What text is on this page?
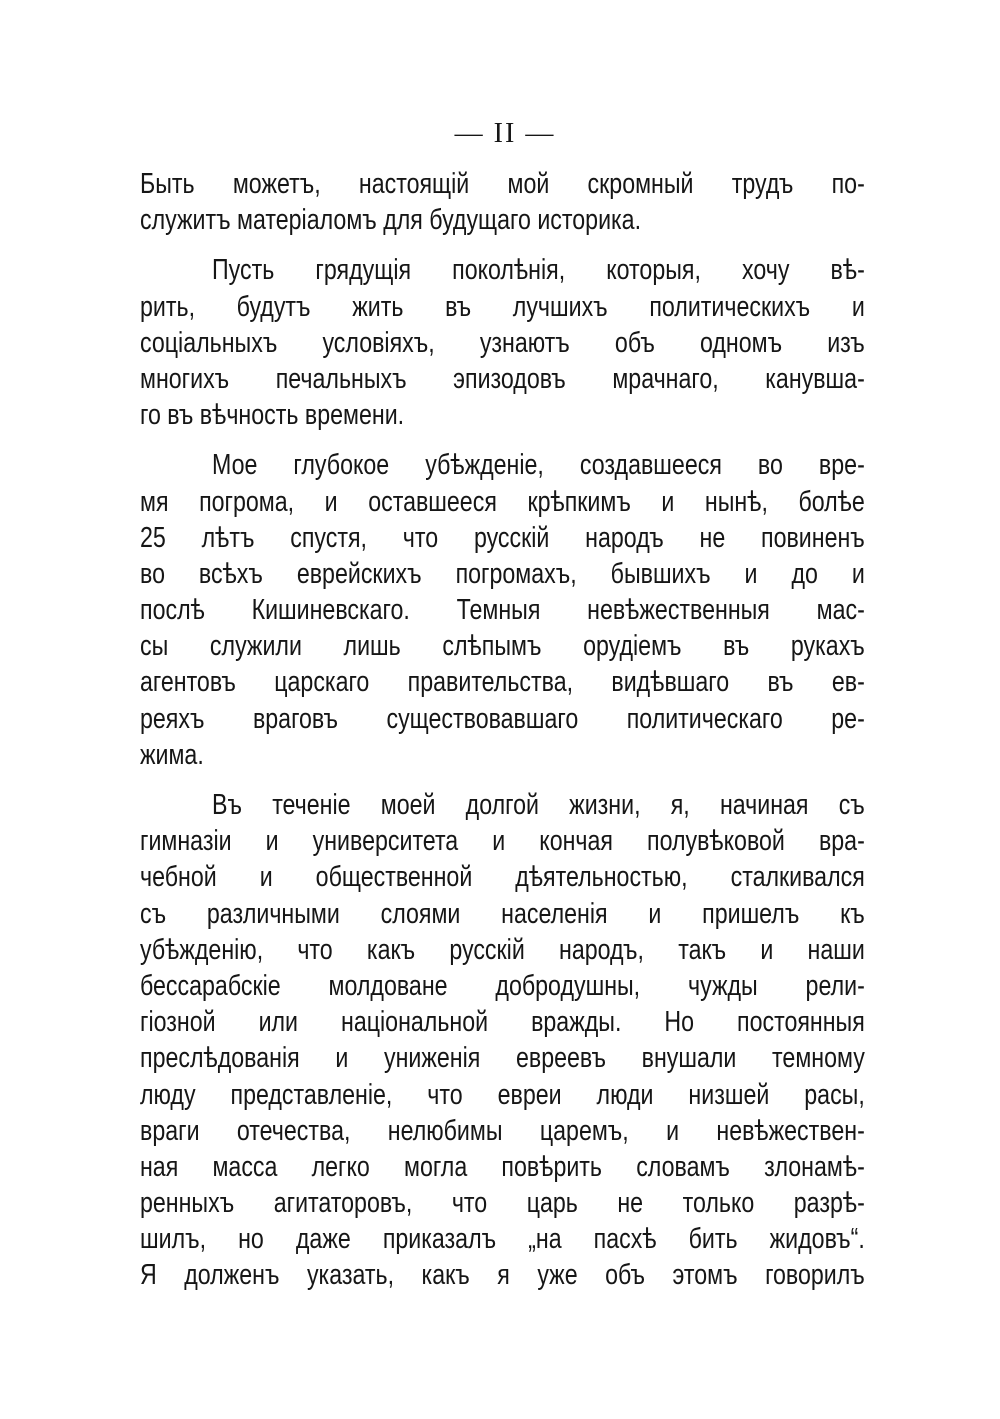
— II —
Быть можетъ, настоящій мой скромный трудъ по-
служитъ матеріаломъ для будущаго историка.
Пусть грядущія поколѣнія, которыя, хочу вѣ-
рить, будутъ жить въ лучшихъ политическихъ и
соціальныхъ условіяхъ, узнаютъ объ одномъ изъ
многихъ печальныхъ эпизодовъ мрачнаго, канувша-
го въ вѣчность времени.
Мое глубокое убѣжденіе, создавшееся во вре-
мя погрома, и оставшееся крѣпкимъ и нынѣ, болѣе
25 лѣтъ спустя, что русскій народъ не повиненъ
во всѣхъ еврейскихъ погромахъ, бывшихъ и до и
послѣ Кишиневскаго. Темныя невѣжественныя мас-
сы служили лишь слѣпымъ орудіемъ въ рукахъ
агентовъ царскаго правительства, видѣвшаго въ ев-
реяхъ враговъ существовавшаго политическаго ре-
жима.
Въ теченіе моей долгой жизни, я, начиная съ
гимназіи и университета и кончая полувѣковой вра-
чебной и общественной дѣятельностью, сталкивался
съ различными слоями населенія и пришелъ къ
убѣжденію, что какъ русскій народъ, такъ и наши
бессарабскіе молдоване добродушны, чужды рели-
гіозной или національной вражды. Но постоянныя
преслѣдованія и униженія евреевъ внушали темному
люду представленіе, что евреи люди низшей расы,
враги отечества, нелюбимы царемъ, и невѣжествен-
ная масса легко могла повѣрить словамъ злонамѣ-
ренныхъ агитаторовъ, что царь не только разрѣ-
шилъ, но даже приказалъ „на пасхѣ бить жидовъ“.
Я долженъ указать, какъ я уже объ этомъ говорилъ
